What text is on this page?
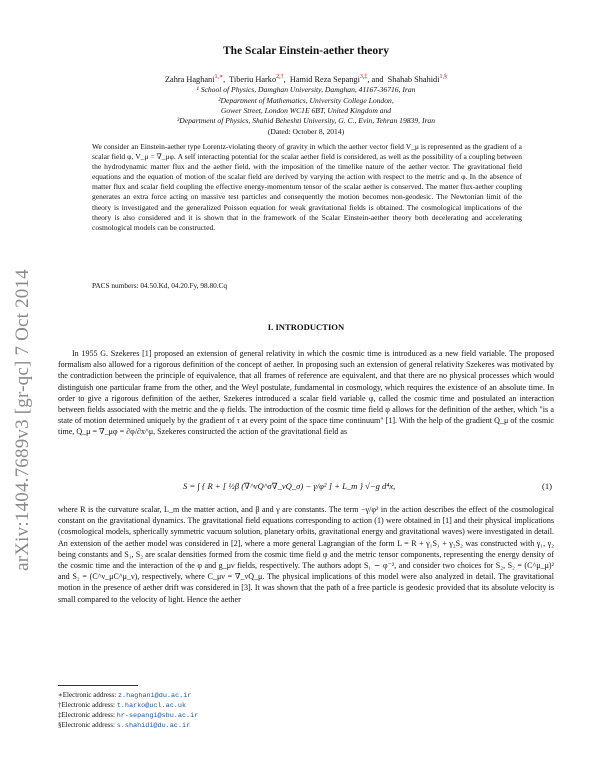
arXiv:1404.7689v3 [gr-qc] 7 Oct 2014
The Scalar Einstein-aether theory
Zahra Haghani$^{1,∗}$,  Tiberiu Harko$^{2,\dagger}$,  Hamid Reza Sepangi$^{3,\ddagger}$, and  Shahab Shahidi$^{1,\S}$
¹ School of Physics, Damghan University, Damghan, 41167-36716, Iran
²Department of Mathematics, University College London,
Gower Street, London WC1E 6BT, United Kingdom and
³Department of Physics, Shahid Beheshti University, G. C., Evin, Tehran 19839, Iran
(Dated: October 8, 2014)
We consider an Einstein-aether type Lorentz-violating theory of gravity in which the aether vector field V_μ is represented as the gradient of a scalar field φ, V_μ = ∇_μφ. A self interacting potential for the scalar aether field is considered, as well as the possibility of a coupling between the hydrodynamic matter flux and the aether field, with the imposition of the timelike nature of the aether vector. The gravitational field equations and the equation of motion of the scalar field are derived by varying the action with respect to the metric and φ. In the absence of matter flux and scalar field coupling the effective energy-momentum tensor of the scalar aether is conserved. The matter flux-aether coupling generates an extra force acting on massive test particles and consequently the motion becomes non-geodesic. The Newtonian limit of the theory is investigated and the generalized Poisson equation for weak gravitational fields is obtained. The cosmological implications of the theory is also considered and it is shown that in the framework of the Scalar Einstein-aether theory both decelerating and accelerating cosmological models can be constructed.
PACS numbers: 04.50.Kd, 04.20.Fy, 98.80.Cq
I. INTRODUCTION
In 1955 G. Szekeres [1] proposed an extension of general relativity in which the cosmic time is introduced as a new field variable. The proposed formalism also allowed for a rigorous definition of the concept of aether. In proposing such an extension of general relativity Szekeres was motivated by the contradiction between the principle of equivalence, that all frames of reference are equivalent, and that there are no physical processes which would distinguish one particular frame from the other, and the Weyl postulate, fundamental in cosmology, which requires the existence of an absolute time. In order to give a rigorous definition of the aether, Szekeres introduced a scalar field variable φ, called the cosmic time and postulated an interaction between fields associated with the metric and the φ fields. The introduction of the cosmic time field φ allows for the definition of the aether, which "is a state of motion determined uniquely by the gradient of τ at every point of the space time continuum" [1]. With the help of the gradient Q_μ of the cosmic time, Q_μ = ∇_μφ = ∂φ/∂x^μ, Szekeres constructed the action of the gravitational field as
S = ∫ { R + [ ½β (∇^νQ^σ∇_νQ_σ) − γ/φ² ] + L_m } √−g d⁴x,	(1)
where R is the curvature scalar, L_m the matter action, and β and γ are constants. The term −γ/φ² in the action describes the effect of the cosmological constant on the gravitational dynamics. The gravitational field equations corresponding to action (1) were obtained in [1] and their physical implications (cosmological models, spherically symmetric vacuum solution, planetary orbits, gravitational energy and gravitational waves) were investigated in detail. An extension of the aether model was considered in [2], where a more general Lagrangian of the form L = R + γ₁S₁ + γ₂S₂ was constructed with γ₁, γ₂ being constants and S₁, S₂ are scalar densities formed from the cosmic time field φ and the metric tensor components, representing the energy density of the cosmic time and the interaction of the φ and g_μν fields, respectively. The authors adopt S₁ ∼ φ⁻², and consider two choices for S₂, S₂ = (C^μ_μ)² and S₂ = (C^ν_μC^μ_ν), respectively, where C_μν = ∇_νQ_μ. The physical implications of this model were also analyzed in detail. The gravitational motion in the presence of aether drift was considered in [3]. It was shown that the path of a free particle is geodesic provided that its absolute velocity is small compared to the velocity of light. Hence the aether
∗Electronic address: z.haghani@du.ac.ir
†Electronic address: t.harko@ucl.ac.uk
‡Electronic address: hr-sepangi@sbu.ac.ir
§Electronic address: s.shahidi@du.ac.ir
